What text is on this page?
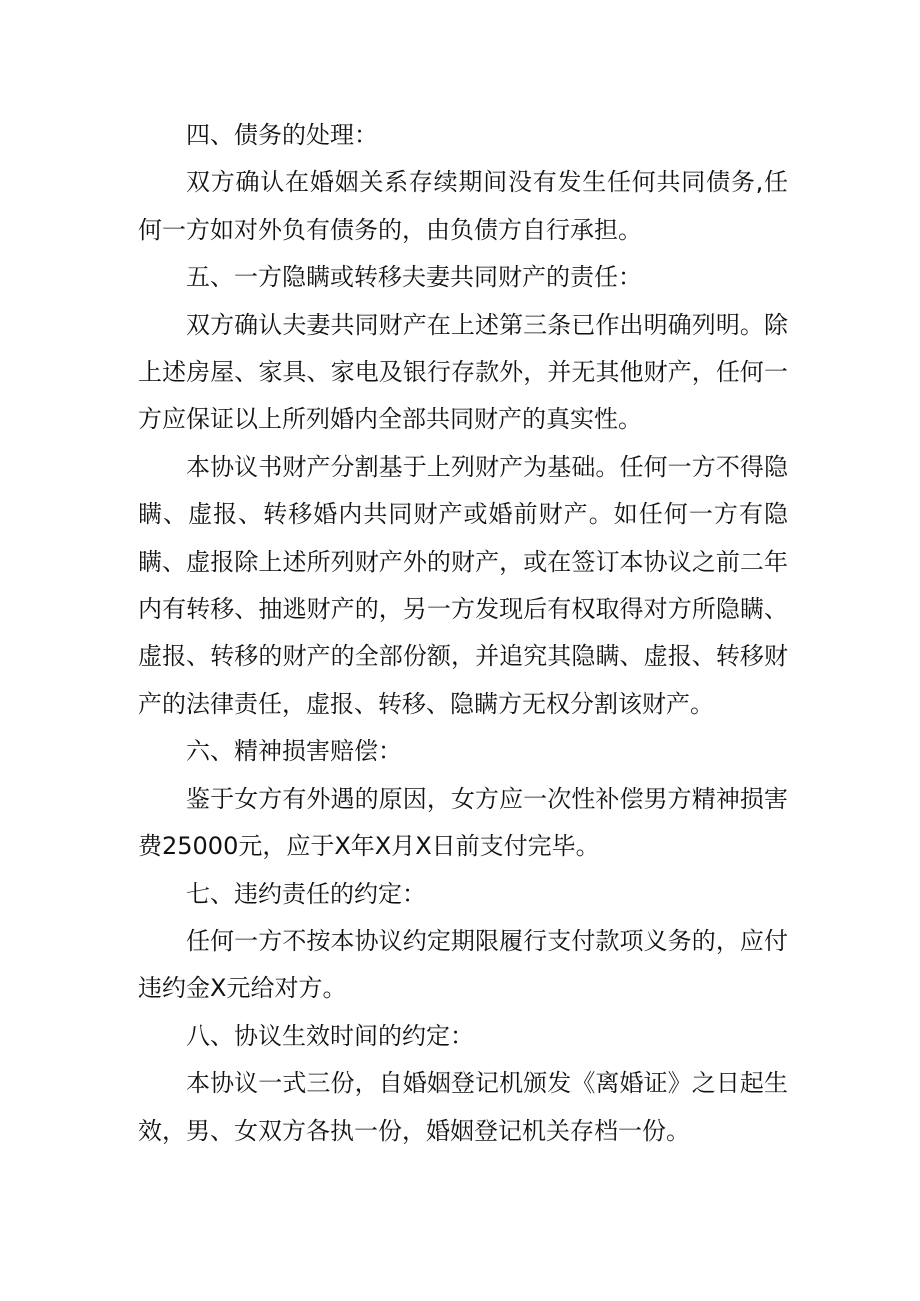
四、债务的处理：

双方确认在婚姻关系存续期间没有发生任何共同债务,任何一方如对外负有债务的，由负债方自行承担。

五、一方隐瞒或转移夫妻共同财产的责任：

双方确认夫妻共同财产在上述第三条已作出明确列明。除上述房屋、家具、家电及银行存款外，并无其他财产，任何一方应保证以上所列婚内全部共同财产的真实性。

本协议书财产分割基于上列财产为基础。任何一方不得隐瞒、虚报、转移婚内共同财产或婚前财产。如任何一方有隐瞒、虚报除上述所列财产外的财产，或在签订本协议之前二年内有转移、抽逃财产的，另一方发现后有权取得对方所隐瞒、虚报、转移的财产的全部份额，并追究其隐瞒、虚报、转移财产的法律责任，虚报、转移、隐瞒方无权分割该财产。

六、精神损害赔偿：

鉴于女方有外遇的原因，女方应一次性补偿男方精神损害费25000元，应于X年X月X日前支付完毕。

七、违约责任的约定：

任何一方不按本协议约定期限履行支付款项义务的，应付违约金X元给对方。

八、协议生效时间的约定：

本协议一式三份，自婚姻登记机颁发《离婚证》之日起生效，男、女双方各执一份，婚姻登记机关存档一份。
